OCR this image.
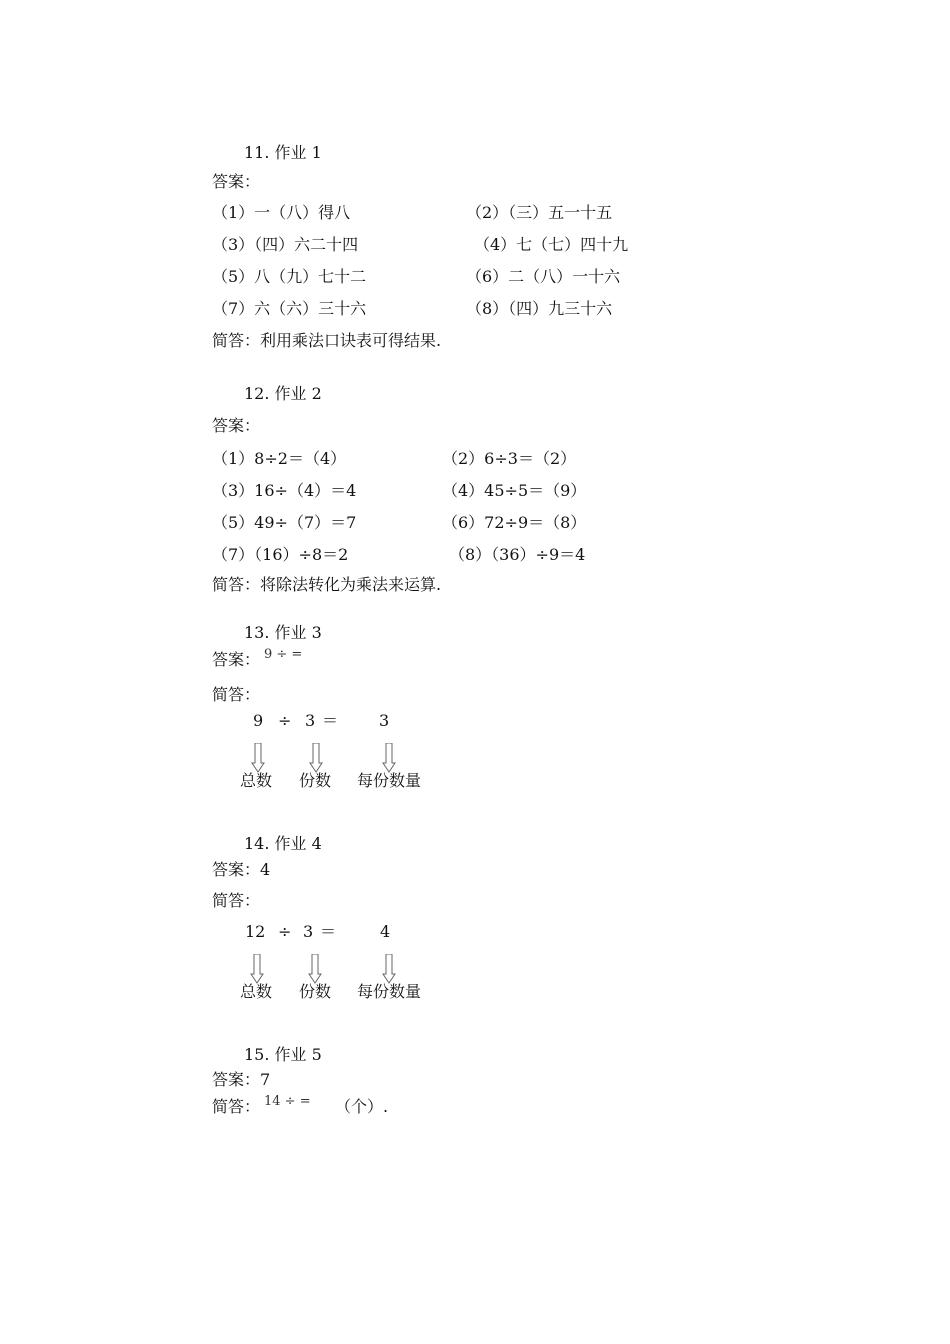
11. 作业 1
答案：
（1）一（八）得八	（2）（三）五一十五
（3）（四）六二十四	（4）七（七）四十九
（5）八（九）七十二	（6）二（八）一十六
（7）六（六）三十六	（8）（四）九三十六
简答：利用乘法口诀表可得结果.
12. 作业 2
答案：
（1）8÷2＝（4）	（2）6÷3＝（2）
（3）16÷（4）＝4	（4）45÷5＝（9）
（5）49÷（7）＝7	（6）72÷9＝（8）
（7）（16）÷8＝2	（8）（36）÷9＝4
简答：将除法转化为乘法来运算.
13. 作业 3
答案： 9 ÷ =
简答：
9 ÷ 3 ＝	3
总数 份数 每份数量
14. 作业 4
答案：4
简答：
12 ÷ 3 ＝	4
总数 份数 每份数量
15. 作业 5
答案：7
简答： 14 ÷ = （个）.
